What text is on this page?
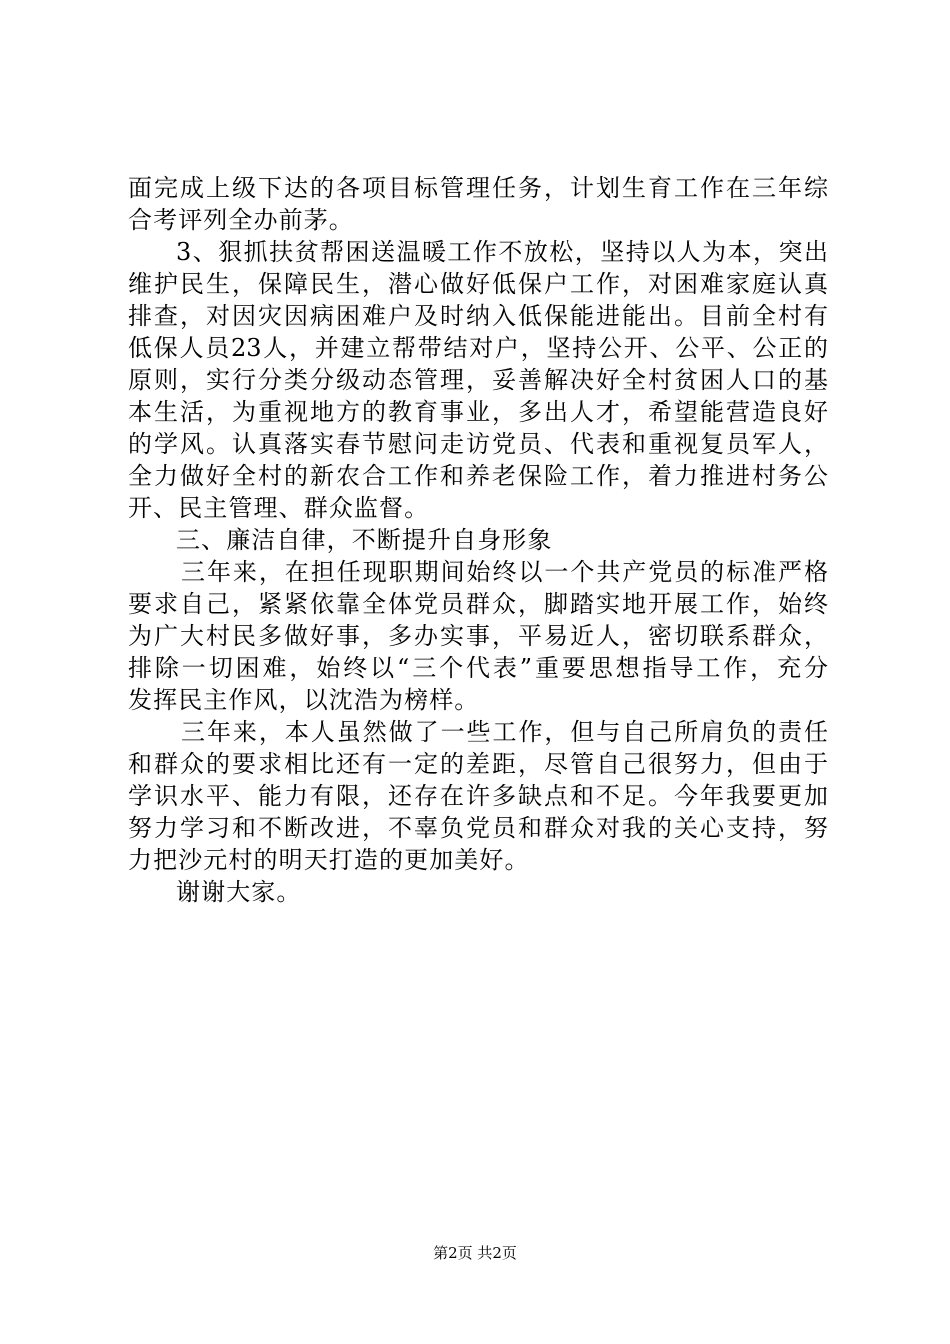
面完成上级下达的各项目标管理任务，计划生育工作在三年综
合考评列全办前茅。
3、狠抓扶贫帮困送温暖工作不放松，坚持以人为本，突出
维护民生，保障民生，潜心做好低保户工作，对困难家庭认真
排查，对因灾因病困难户及时纳入低保能进能出。目前全村有
低保人员23人，并建立帮带结对户，坚持公开、公平、公正的
原则，实行分类分级动态管理，妥善解决好全村贫困人口的基
本生活，为重视地方的教育事业，多出人才，希望能营造良好
的学风。认真落实春节慰问走访党员、代表和重视复员军人，
全力做好全村的新农合工作和养老保险工作，着力推进村务公
开、民主管理、群众监督。
三、廉洁自律，不断提升自身形象
三年来，在担任现职期间始终以一个共产党员的标准严格
要求自己，紧紧依靠全体党员群众，脚踏实地开展工作，始终
为广大村民多做好事，多办实事，平易近人，密切联系群众，
排除一切困难，始终以“三个代表”重要思想指导工作，充分
发挥民主作风，以沈浩为榜样。
三年来，本人虽然做了一些工作，但与自己所肩负的责任
和群众的要求相比还有一定的差距，尽管自己很努力，但由于
学识水平、能力有限，还存在许多缺点和不足。今年我要更加
努力学习和不断改进，不辜负党员和群众对我的关心支持，努
力把沙元村的明天打造的更加美好。
谢谢大家。
第2页 共2页
